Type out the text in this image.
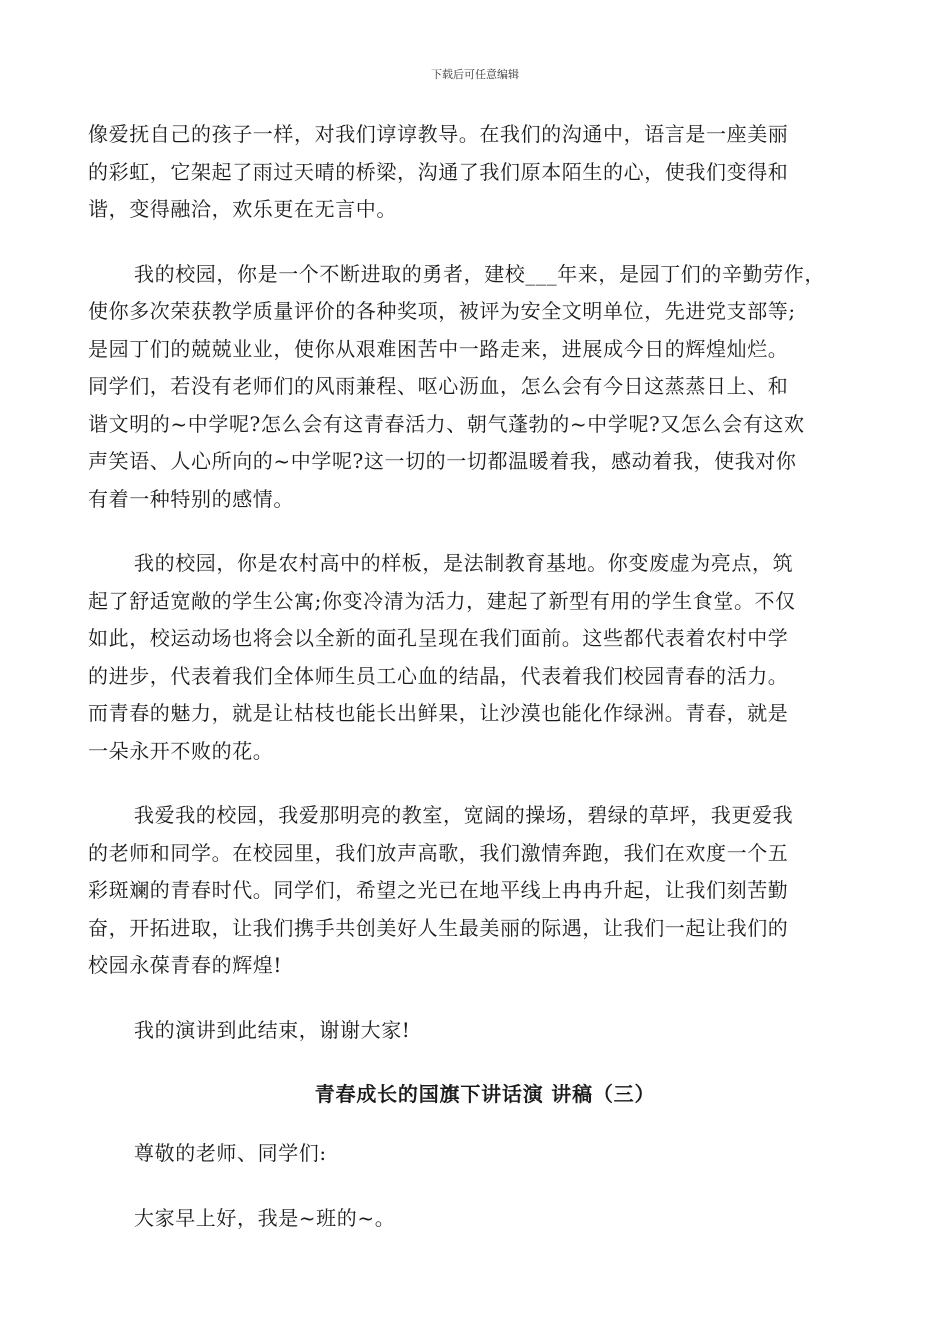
下载后可任意编辑
像爱抚自己的孩子一样，对我们谆谆教导。在我们的沟通中，语言是一座美丽
的彩虹，它架起了雨过天晴的桥梁，沟通了我们原本陌生的心，使我们变得和
谐，变得融洽，欢乐更在无言中。
我的校园，你是一个不断进取的勇者，建校___年来，是园丁们的辛勤劳作，
使你多次荣获教学质量评价的各种奖项，被评为安全文明单位，先进党支部等;
是园丁们的兢兢业业，使你从艰难困苦中一路走来，进展成今日的辉煌灿烂。
同学们，若没有老师们的风雨兼程、呕心沥血，怎么会有今日这蒸蒸日上、和
谐文明的~中学呢?怎么会有这青春活力、朝气蓬勃的~中学呢?又怎么会有这欢
声笑语、人心所向的~中学呢?这一切的一切都温暖着我，感动着我，使我对你
有着一种特别的感情。
我的校园，你是农村高中的样板，是法制教育基地。你变废虚为亮点，筑
起了舒适宽敞的学生公寓;你变冷清为活力，建起了新型有用的学生食堂。不仅
如此，校运动场也将会以全新的面孔呈现在我们面前。这些都代表着农村中学
的进步，代表着我们全体师生员工心血的结晶，代表着我们校园青春的活力。
而青春的魅力，就是让枯枝也能长出鲜果，让沙漠也能化作绿洲。青春，就是
一朵永开不败的花。
我爱我的校园，我爱那明亮的教室，宽阔的操场，碧绿的草坪，我更爱我
的老师和同学。在校园里，我们放声高歌，我们激情奔跑，我们在欢度一个五
彩斑斓的青春时代。同学们，希望之光已在地平线上冉冉升起，让我们刻苦勤
奋，开拓进取，让我们携手共创美好人生最美丽的际遇，让我们一起让我们的
校园永葆青春的辉煌!
我的演讲到此结束，谢谢大家!
青春成长的国旗下讲话演 讲稿（三）
尊敬的老师、同学们:
大家早上好，我是~班的~。
